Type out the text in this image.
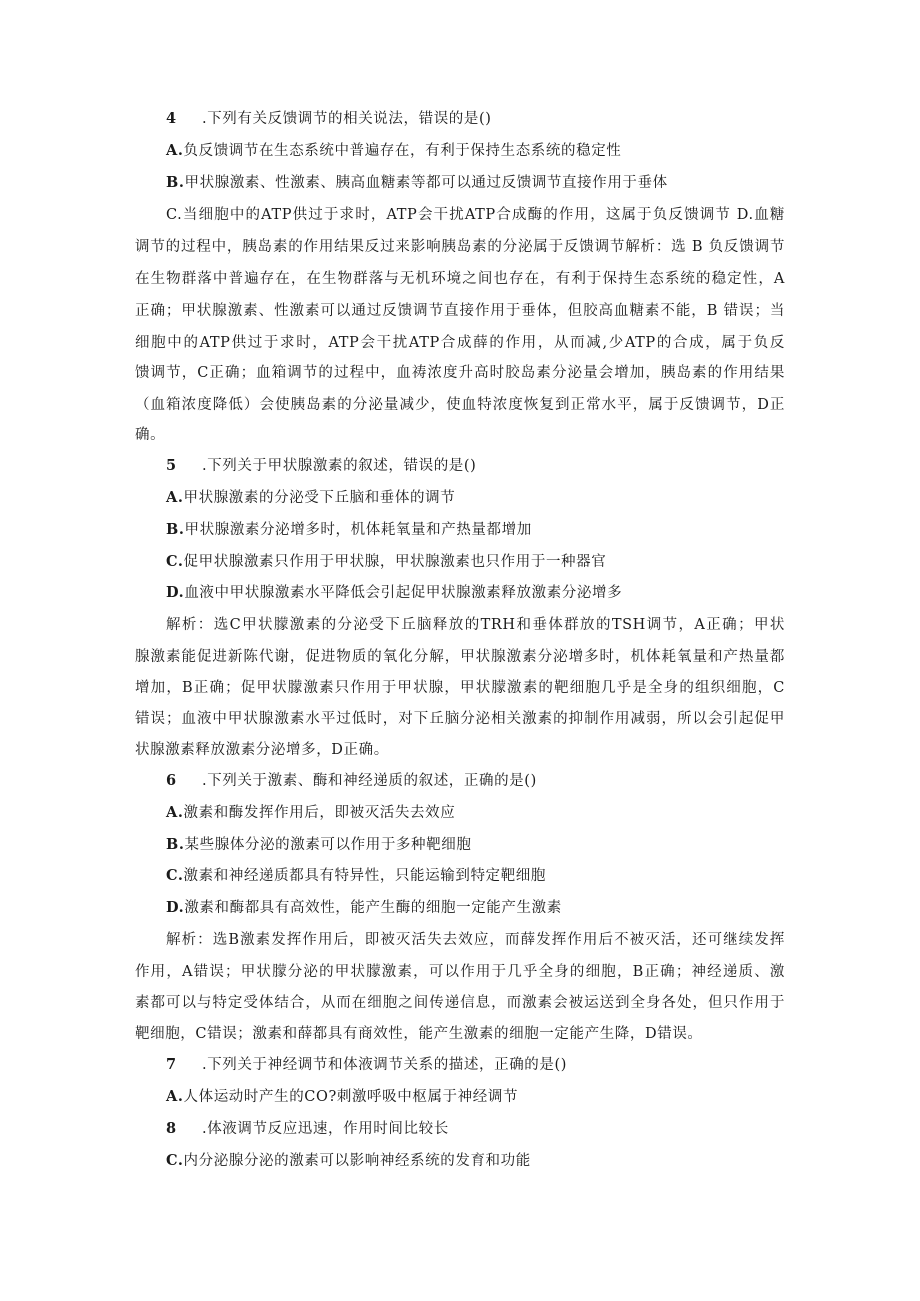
4 .下列有关反馈调节的相关说法，错误的是()
A.负反馈调节在生态系统中普遍存在，有利于保持生态系统的稳定性
B.甲状腺激素、性激素、胰高血糖素等都可以通过反馈调节直接作用于垂体
C.当细胞中的ATP供过于求时，ATP会干扰ATP合成酶的作用，这属于负反馈调节 D.血糖
调节的过程中，胰岛素的作用结果反过来影响胰岛素的分泌属于反馈调节解析：选 B 负反馈调节
在生物群落中普遍存在，在生物群落与无机环境之间也存在，有利于保持生态系统的稳定性，A
正确；甲状腺激素、性激素可以通过反馈调节直接作用于垂体，但胶高血糖素不能，B 错误；当
细胞中的ATP供过于求时，ATP会干扰ATP合成薛的作用，从而减,少ATP的合成，属于负反
馈调节，C正确；血箱调节的过程中，血祷浓度升高时胶岛素分泌量会增加，胰岛素的作用结果
（血箱浓度降低）会使胰岛素的分泌量减少，使血特浓度恢复到正常水平，属于反馈调节，D正
确。
5 .下列关于甲状腺激素的叙述，错误的是()
A.甲状腺激素的分泌受下丘脑和垂体的调节
B.甲状腺激素分泌增多时，机体耗氧量和产热量都增加
C.促甲状腺激素只作用于甲状腺，甲状腺激素也只作用于一种器官
D.血液中甲状腺激素水平降低会引起促甲状腺激素释放激素分泌增多
解析：选C甲状朦激素的分泌受下丘脑释放的TRH和垂体群放的TSH调节，A正确；甲状
腺激素能促进新陈代谢，促进物质的氧化分解，甲状腺激素分泌增多时，机体耗氧量和产热量都
增加，B正确；促甲状朦激素只作用于甲状腺，甲状朦激素的靶细胞几乎是全身的组织细胞，C
错误；血液中甲状腺激素水平过低时，对下丘脑分泌相关激素的抑制作用减弱，所以会引起促甲
状腺激素释放激素分泌增多，D正确。
6 .下列关于激素、酶和神经递质的叙述，正确的是()
A.激素和酶发挥作用后，即被灭活失去效应
B.某些腺体分泌的激素可以作用于多种靶细胞
C.激素和神经递质都具有特异性，只能运输到特定靶细胞
D.激素和酶都具有高效性，能产生酶的细胞一定能产生激素
解析：选B激素发挥作用后，即被灭活失去效应，而薛发挥作用后不被灭活，还可继续发挥
作用，A错误；甲状朦分泌的甲状朦激素，可以作用于几乎全身的细胞，B正确；神经递质、激
素都可以与特定受体结合，从而在细胞之间传递信息，而激素会被运送到全身各处，但只作用于
靶细胞，C错误；激素和薛都具有商效性，能产生激素的细胞一定能产生降，D错误。
7 .下列关于神经调节和体液调节关系的描述，正确的是()
A.人体运动时产生的CO?刺激呼吸中枢属于神经调节
8 .体液调节反应迅速，作用时间比较长
C.内分泌腺分泌的激素可以影响神经系统的发育和功能
